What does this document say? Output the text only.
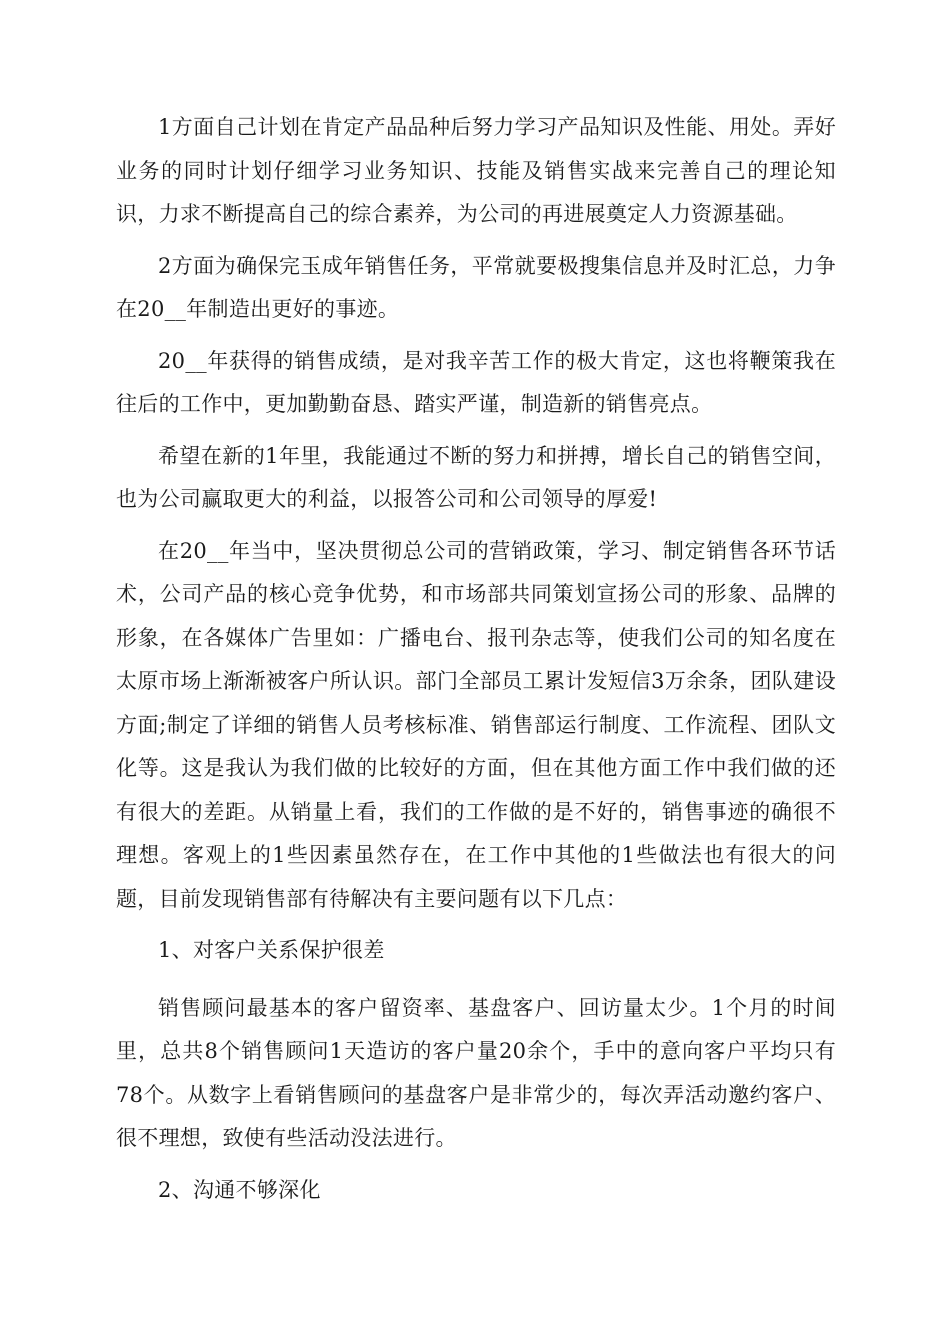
1方面自己计划在肯定产品品种后努力学习产品知识及性能、用处。弄好业务的同时计划仔细学习业务知识、技能及销售实战来完善自己的理论知识，力求不断提高自己的综合素养，为公司的再进展奠定人力资源基础。

2方面为确保完玉成年销售任务，平常就要极搜集信息并及时汇总，力争在20__年制造出更好的事迹。

20__年获得的销售成绩，是对我辛苦工作的极大肯定，这也将鞭策我在往后的工作中，更加勤勤奋恳、踏实严谨，制造新的销售亮点。

希望在新的1年里，我能通过不断的努力和拼搏，增长自己的销售空间，也为公司赢取更大的利益，以报答公司和公司领导的厚爱!

在20__年当中，坚决贯彻总公司的营销政策，学习、制定销售各环节话术，公司产品的核心竞争优势，和市场部共同策划宣扬公司的形象、品牌的形象，在各媒体广告里如：广播电台、报刊杂志等，使我们公司的知名度在太原市场上渐渐被客户所认识。部门全部员工累计发短信3万余条，团队建设方面;制定了详细的销售人员考核标准、销售部运行制度、工作流程、团队文化等。这是我认为我们做的比较好的方面，但在其他方面工作中我们做的还有很大的差距。从销量上看，我们的工作做的是不好的，销售事迹的确很不理想。客观上的1些因素虽然存在，在工作中其他的1些做法也有很大的问题，目前发现销售部有待解决有主要问题有以下几点：

1、对客户关系保护很差

销售顾问最基本的客户留资率、基盘客户、回访量太少。1个月的时间里，总共8个销售顾问1天造访的客户量20余个，手中的意向客户平均只有78个。从数字上看销售顾问的基盘客户是非常少的，每次弄活动邀约客户、很不理想，致使有些活动没法进行。

2、沟通不够深化
